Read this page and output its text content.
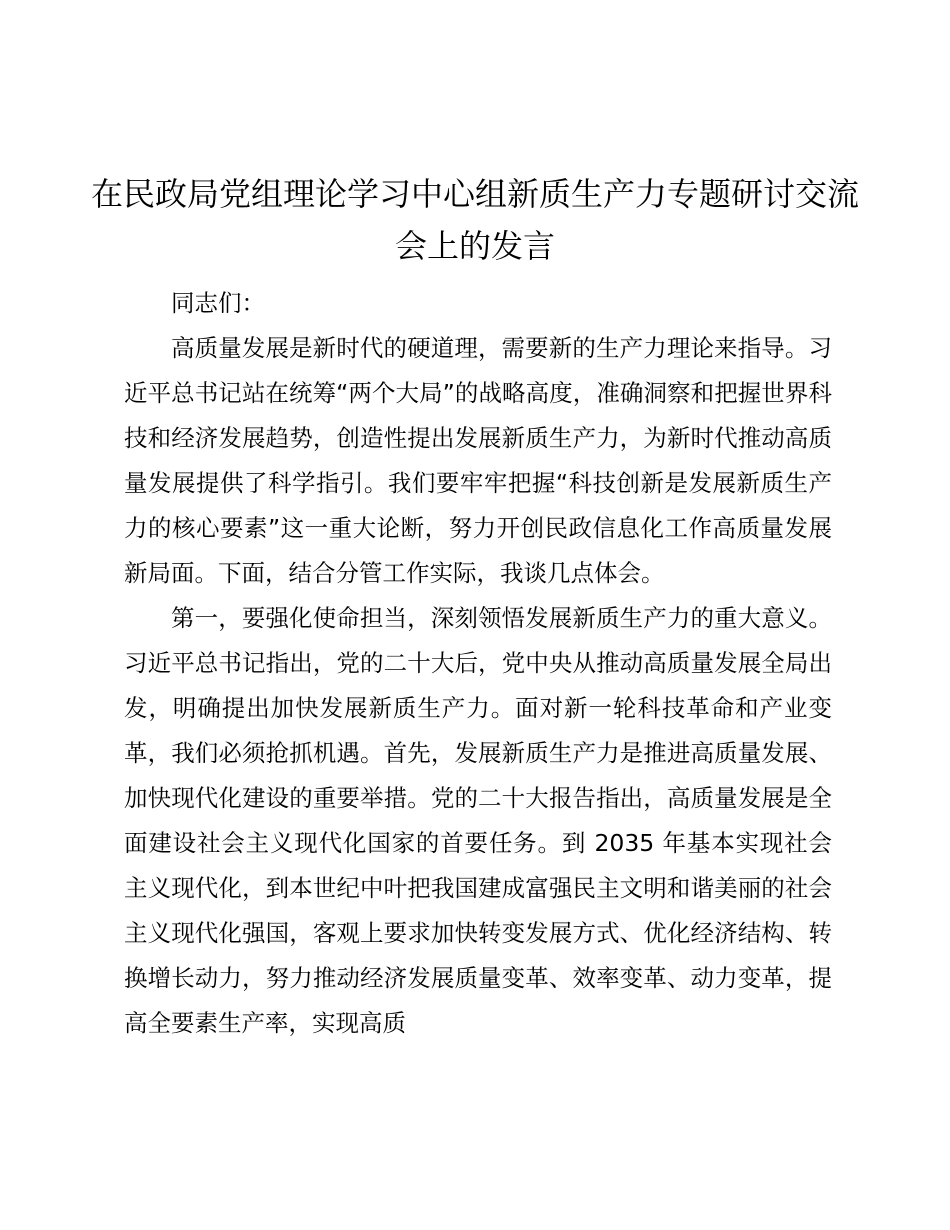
在民政局党组理论学习中心组新质生产力专题研讨交流会上的发言

同志们：

高质量发展是新时代的硬道理，需要新的生产力理论来指导。习近平总书记站在统筹“两个大局”的战略高度，准确洞察和把握世界科技和经济发展趋势，创造性提出发展新质生产力，为新时代推动高质量发展提供了科学指引。我们要牢牢把握“科技创新是发展新质生产力的核心要素”这一重大论断，努力开创民政信息化工作高质量发展新局面。下面，结合分管工作实际，我谈几点体会。

第一，要强化使命担当，深刻领悟发展新质生产力的重大意义。习近平总书记指出，党的二十大后，党中央从推动高质量发展全局出发，明确提出加快发展新质生产力。面对新一轮科技革命和产业变革，我们必须抢抓机遇。首先，发展新质生产力是推进高质量发展、加快现代化建设的重要举措。党的二十大报告指出，高质量发展是全面建设社会主义现代化国家的首要任务。到 2035 年基本实现社会主义现代化，到本世纪中叶把我国建成富强民主文明和谐美丽的社会主义现代化强国，客观上要求加快转变发展方式、优化经济结构、转换增长动力，努力推动经济发展质量变革、效率变革、动力变革，提高全要素生产率，实现高质
